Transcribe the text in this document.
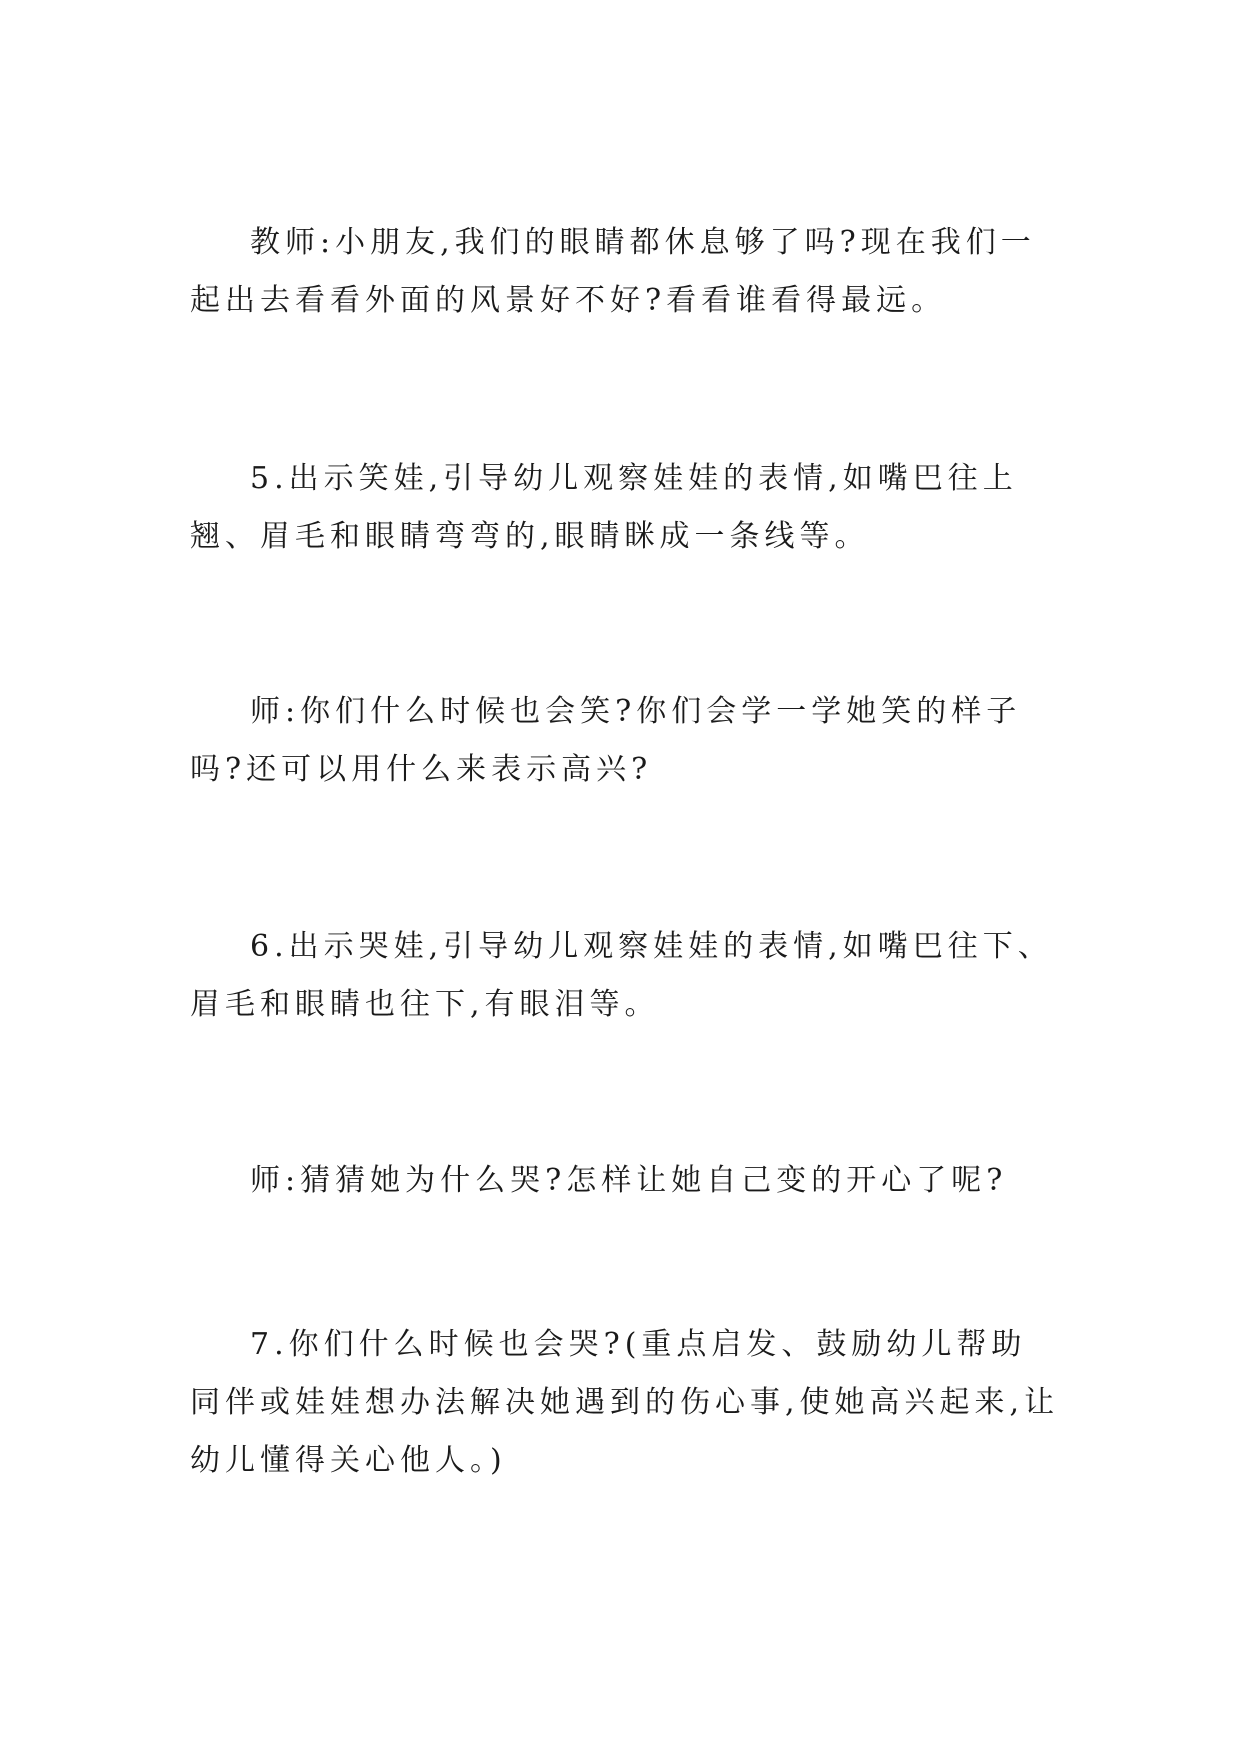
教师:小朋友,我们的眼睛都休息够了吗?现在我们一起出去看看外面的风景好不好?看看谁看得最远。

5.出示笑娃,引导幼儿观察娃娃的表情,如嘴巴往上翘、眉毛和眼睛弯弯的,眼睛眯成一条线等。

师:你们什么时候也会笑?你们会学一学她笑的样子吗?还可以用什么来表示高兴?

6.出示哭娃,引导幼儿观察娃娃的表情,如嘴巴往下、眉毛和眼睛也往下,有眼泪等。

师:猜猜她为什么哭?怎样让她自己变的开心了呢?

7.你们什么时候也会哭?(重点启发、鼓励幼儿帮助同伴或娃娃想办法解决她遇到的伤心事,使她高兴起来,让幼儿懂得关心他人。)
